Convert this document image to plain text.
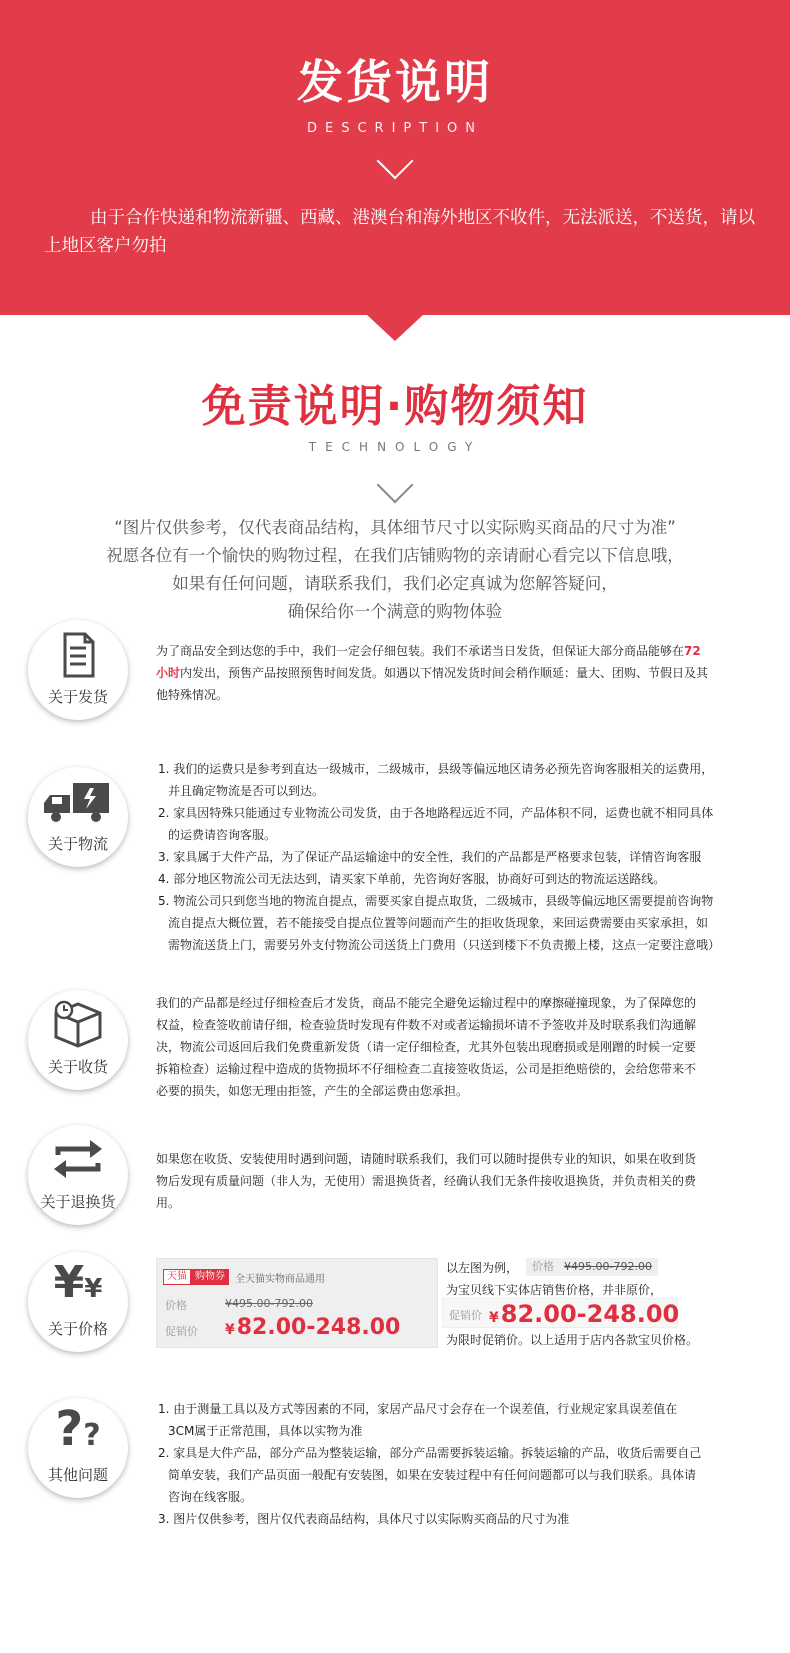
发货说明
DESCRIPTION

由于合作快递和物流新疆、西藏、港澳台和海外地区不收件，无法派送，不送货，请以上地区客户勿拍

免责说明·购物须知
TECHNOLOGY

“图片仅供参考，仅代表商品结构，具体细节尺寸以实际购买商品的尺寸为准”

祝愿各位有一个愉快的购物过程，在我们店铺购物的亲请耐心看完以下信息哦，

如果有任何问题，请联系我们，我们必定真诚为您解答疑问，

确保给你一个满意的购物体验

关于发货

为了商品安全到达您的手中，我们一定会仔细包装。我们不承诺当日发货，但保证大部分商品能够在72小时内发出，预售产品按照预售时间发货。如遇以下情况发货时间会稍作顺延：量大、团购、节假日及其他特殊情况。

关于物流
1. 我们的运费只是参考到直达一级城市，二级城市，县级等偏远地区请务必预先咨询客服相关的运费用，并且确定物流是否可以到达。
2. 家具因特殊只能通过专业物流公司发货，由于各地路程远近不同，产品体积不同，运费也就不相同具体的运费请咨询客服。
3. 家具属于大件产品，为了保证产品运输途中的安全性，我们的产品都是严格要求包装，详情咨询客服
4. 部分地区物流公司无法达到，请买家下单前，先咨询好客服，协商好可到达的物流运送路线。
5. 物流公司只到您当地的物流自提点，需要买家自提点取货，二级城市，县级等偏远地区需要提前咨询物流自提点大概位置，若不能接受自提点位置等问题而产生的拒收货现象，来回运费需要由买家承担，如需物流送货上门，需要另外支付物流公司送货上门费用（只送到楼下不负责搬上楼，这点一定要注意哦）
关于收货

我们的产品都是经过仔细检查后才发货，商品不能完全避免运输过程中的摩擦碰撞现象，为了保障您的权益，检查签收前请仔细，检查验货时发现有件数不对或者运输损坏请不予签收并及时联系我们沟通解决，物流公司返回后我们免费重新发货（请一定仔细检查，尤其外包装出现磨损或是刚蹭的时候一定要拆箱检查）运输过程中造成的货物损坏不仔细检查二直接签收货运，公司是拒绝赔偿的，会给您带来不必要的损失，如您无理由拒签，产生的全部运费由您承担。

关于退换货

如果您在收货、安装使用时遇到问题，请随时联系我们，我们可以随时提供专业的知识，如果在收到货物后发现有质量问题（非人为，无使用）需退换货者，经确认我们无条件接收退换货，并负责相关的费用。

¥¥
关于价格
天猫 购物券	全天猫实物商品通用
价格	¥495.00-792.00
促销价 ¥82.00-248.00
以左图为例， 价格 ¥495.00-792.00
为宝贝线下实体店销售价格，并非原价，
促销价 ¥82.00-248.00
为限时促销价。以上适用于店内各款宝贝价格。
??
其他问题
1. 由于测量工具以及方式等因素的不同，家居产品尺寸会存在一个误差值，行业规定家具误差值在 3CM属于正常范围，具体以实物为准
2. 家具是大件产品，部分产品为整装运输，部分产品需要拆装运输。拆装运输的产品，收货后需要自己简单安装，我们产品页面一般配有安装图，如果在安装过程中有任何问题都可以与我们联系。具体请咨询在线客服。
3. 图片仅供参考，图片仅代表商品结构，具体尺寸以实际购买商品的尺寸为准
